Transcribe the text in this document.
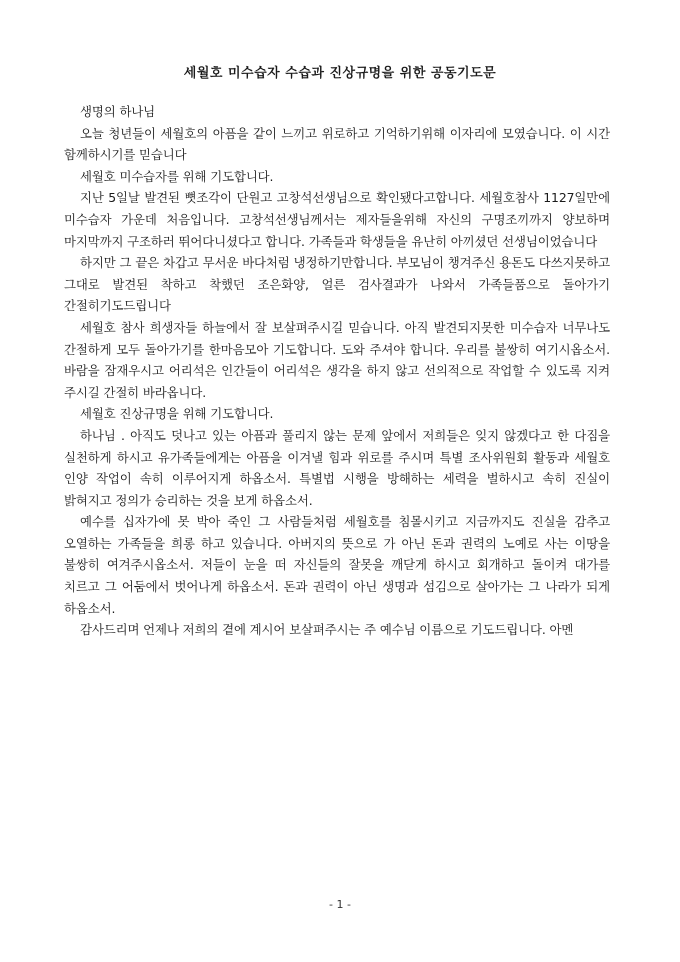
세월호 미수습자 수습과 진상규명을 위한 공동기도문

생명의 하나님

오늘 청년들이 세월호의 아픔을 같이 느끼고 위로하고 기억하기위해 이자리에 모였습니다. 이 시간 함께하시기를 믿습니다

세월호 미수습자를 위해 기도합니다.

지난 5일날 발견된 뼛조각이 단원고 고창석선생님으로 확인됐다고합니다. 세월호참사 1127일만에 미수습자 가운데 처음입니다. 고창석선생님께서는 제자들을위해 자신의 구명조끼까지 양보하며 마지막까지 구조하러 뛰어다니셨다고 합니다. 가족들과 학생들을 유난히 아끼셨던 선생님이었습니다

하지만 그 끝은 차갑고 무서운 바다처럼 냉정하기만합니다. 부모님이 챙겨주신 용돈도 다쓰지못하고 그대로 발견된 착하고 착했던 조은화양, 얼른 검사결과가 나와서 가족들품으로 돌아가기 간절히기도드립니다

세월호 참사 희생자들 하늘에서 잘 보살펴주시길 믿습니다. 아직 발견되지못한 미수습자 너무나도 간절하게 모두 돌아가기를 한마음모아 기도합니다. 도와 주셔야 합니다. 우리를 불쌍히 여기시옵소서. 바람을 잠재우시고 어리석은 인간들이 어리석은 생각을 하지 않고 선의적으로 작업할 수 있도록 지켜 주시길 간절히 바라옵니다.

세월호 진상규명을 위해 기도합니다.

하나님 . 아직도 덧나고 있는 아픔과 풀리지 않는 문제 앞에서 저희들은 잊지 않겠다고 한 다짐을 실천하게 하시고 유가족들에게는 아픔을 이겨낼 힘과 위로를 주시며 특별 조사위원회 활동과 세월호 인양 작업이 속히 이루어지게 하옵소서. 특별법 시행을 방해하는 세력을 벌하시고 속히 진실이 밝혀지고 정의가 승리하는 것을 보게 하옵소서.

예수를 십자가에 못 박아 죽인 그 사람들처럼 세월호를 침몰시키고 지금까지도 진실을 감추고 오열하는 가족들을 희롱 하고 있습니다. 아버지의 뜻으로 가 아닌 돈과 권력의 노예로 사는 이땅을 불쌍히 여겨주시옵소서. 저들이 눈을 떠 자신들의 잘못을 깨닫게 하시고 회개하고 돌이켜 대가를 치르고 그 어둠에서 벗어나게 하옵소서. 돈과 권력이 아닌 생명과 섬김으로 살아가는 그 나라가 되게 하옵소서.

감사드리며 언제나 저희의 곁에 계시어 보살펴주시는 주 예수님 이름으로 기도드립니다. 아멘

- 1 -
